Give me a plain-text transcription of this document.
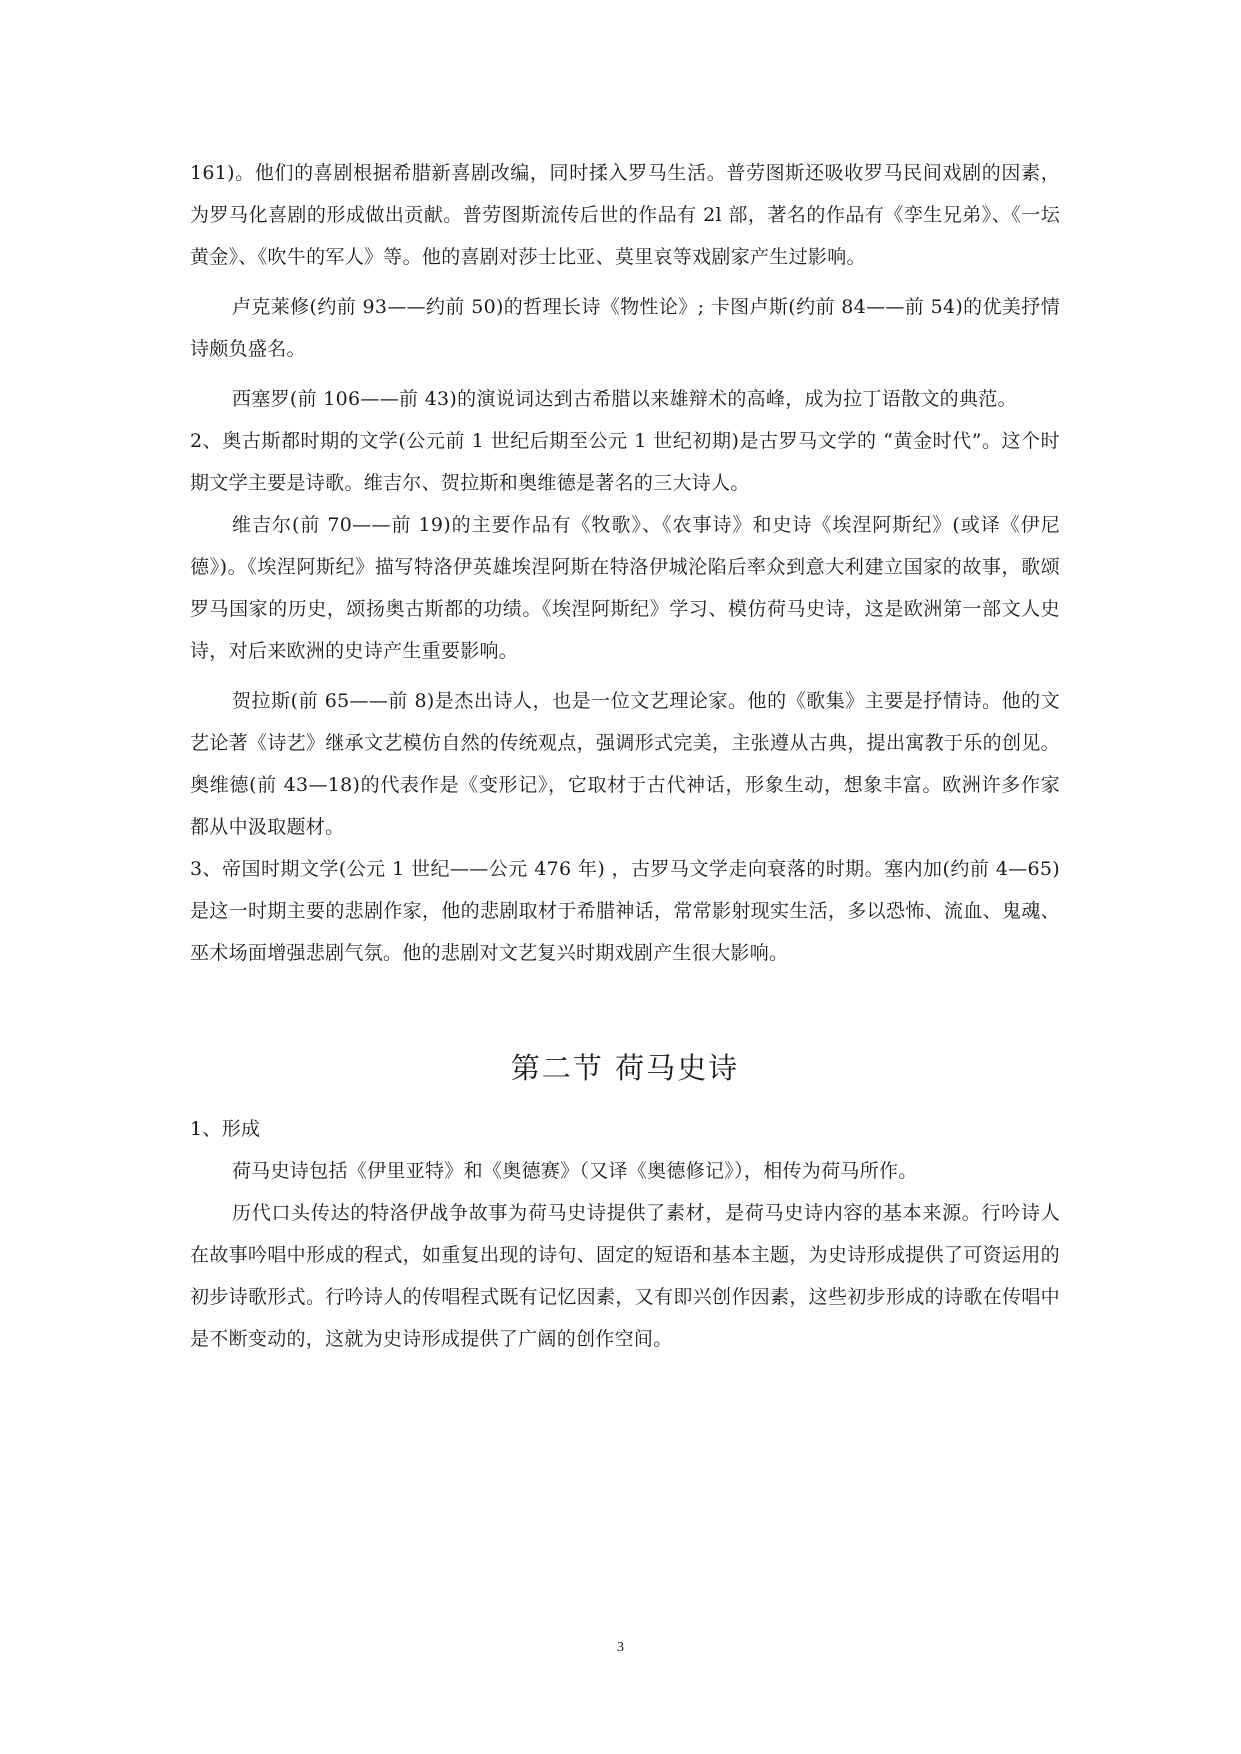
161)。他们的喜剧根据希腊新喜剧改编，同时揉入罗马生活。普劳图斯还吸收罗马民间戏剧的因素，为罗马化喜剧的形成做出贡献。普劳图斯流传后世的作品有 2l 部，著名的作品有《孪生兄弟》、《一坛黄金》、《吹牛的军人》等。他的喜剧对莎士比亚、莫里哀等戏剧家产生过影响。

卢克莱修(约前 93——约前 50)的哲理长诗《物性论》; 卡图卢斯(约前 84——前 54)的优美抒情诗颇负盛名。

西塞罗(前 106——前 43)的演说词达到古希腊以来雄辩术的高峰，成为拉丁语散文的典范。

2、奥古斯都时期的文学(公元前 1 世纪后期至公元 1 世纪初期)是古罗马文学的 “黄金时代”。这个时期文学主要是诗歌。维吉尔、贺拉斯和奥维德是著名的三大诗人。

维吉尔(前 70——前 19)的主要作品有《牧歌》、《农事诗》和史诗《埃涅阿斯纪》(或译《伊尼德》)。《埃涅阿斯纪》描写特洛伊英雄埃涅阿斯在特洛伊城沦陷后率众到意大利建立国家的故事，歌颂罗马国家的历史，颂扬奥古斯都的功绩。《埃涅阿斯纪》学习、模仿荷马史诗，这是欧洲第一部文人史诗，对后来欧洲的史诗产生重要影响。

贺拉斯(前 65——前 8)是杰出诗人，也是一位文艺理论家。他的《歌集》主要是抒情诗。他的文艺论著《诗艺》继承文艺模仿自然的传统观点，强调形式完美，主张遵从古典，提出寓教于乐的创见。奥维德(前 43—18)的代表作是《变形记》，它取材于古代神话，形象生动，想象丰富。欧洲许多作家都从中汲取题材。

3、帝国时期文学(公元 1 世纪——公元 476 年) ，古罗马文学走向衰落的时期。塞内加(约前 4—65)是这一时期主要的悲剧作家，他的悲剧取材于希腊神话，常常影射现实生活，多以恐怖、流血、鬼魂、巫术场面增强悲剧气氛。他的悲剧对文艺复兴时期戏剧产生很大影响。

第二节 荷马史诗

1、形成

荷马史诗包括《伊里亚特》和《奥德赛》（又译《奥德修记》），相传为荷马所作。

历代口头传达的特洛伊战争故事为荷马史诗提供了素材，是荷马史诗内容的基本来源。行吟诗人在故事吟唱中形成的程式，如重复出现的诗句、固定的短语和基本主题，为史诗形成提供了可资运用的初步诗歌形式。行吟诗人的传唱程式既有记忆因素，又有即兴创作因素，这些初步形成的诗歌在传唱中是不断变动的，这就为史诗形成提供了广阔的创作空间。

3
